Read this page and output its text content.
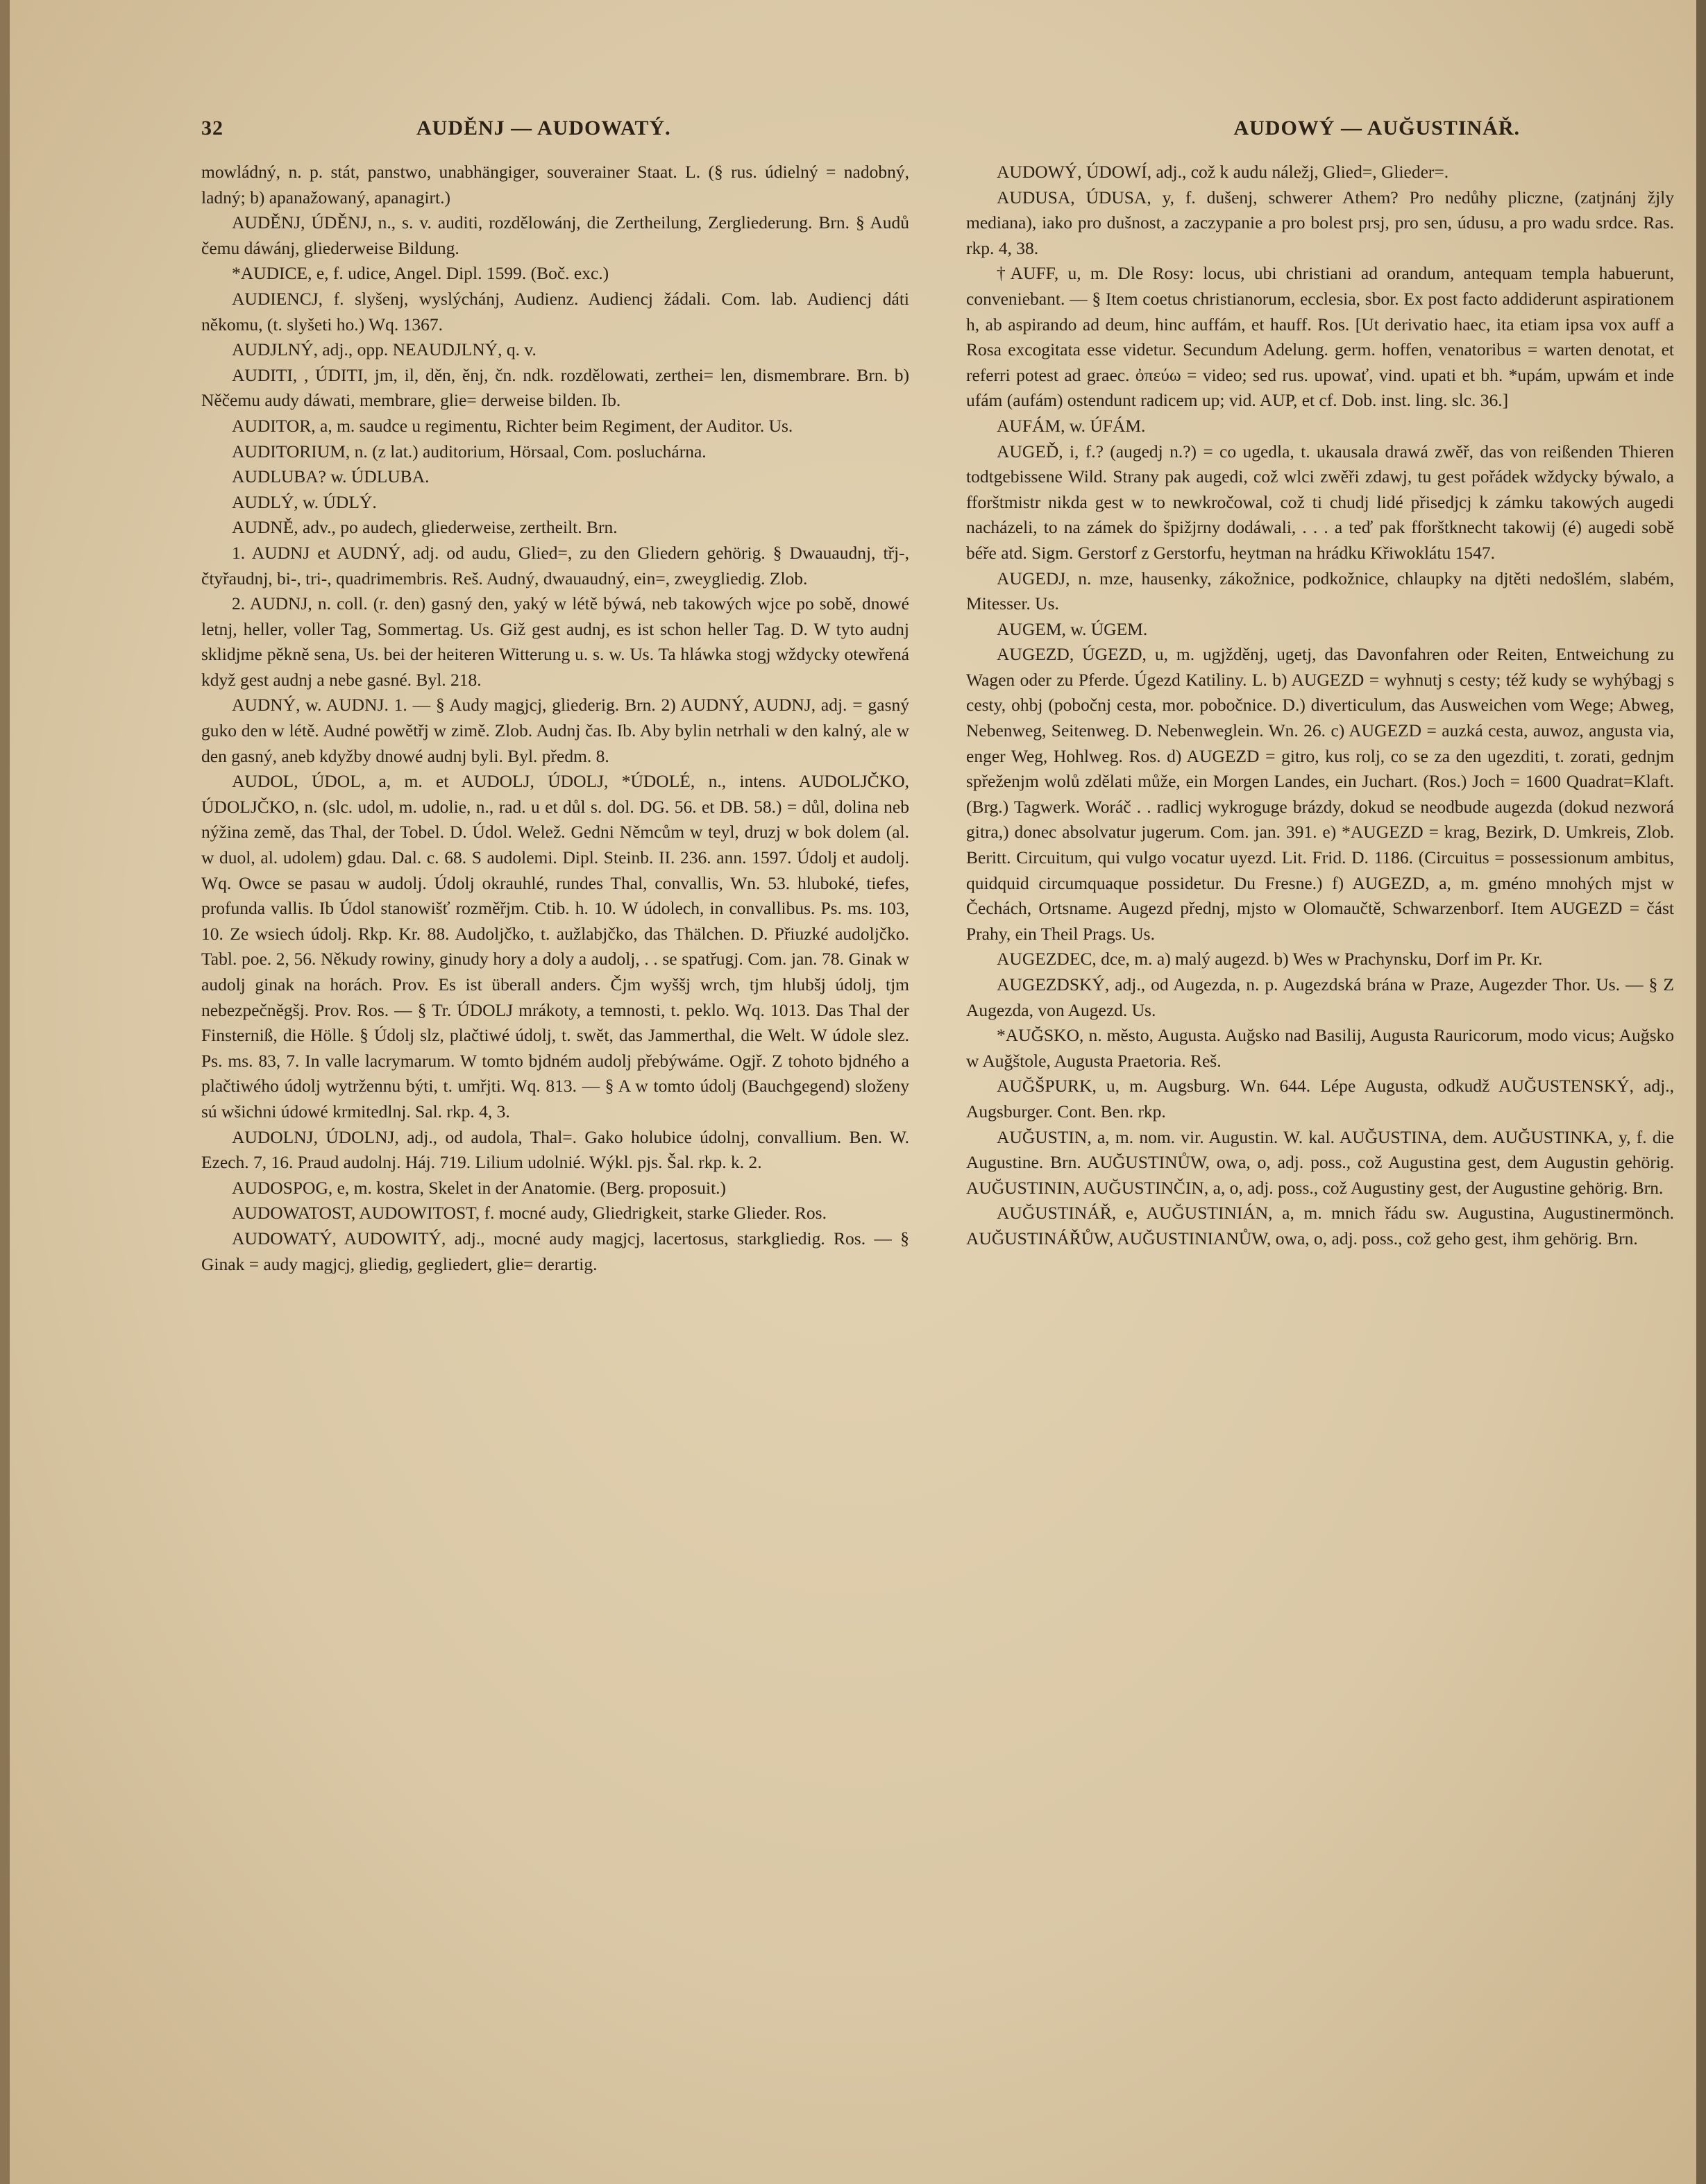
32	AUDĚNJ — AUDOWATÝ.	AUDOWÝ — AUĞUSTINÁŘ.

mowládný, n. p. stát, panstwo, unabhängiger, souverainer Staat. L. (§ rus. údielný = nadobný, ladný; b) apanažowaný, apanagirt.)

AUDĚNJ, ÚDĚNJ, n., s. v. auditi, rozdělowánj, die Zertheilung, Zergliederung. Brn. § Audů čemu dáwánj, gliederweise Bildung.

*AUDICE, e, f. udice, Angel. Dipl. 1599. (Boč. exc.)

AUDIENCJ, f. slyšenj, wyslýchánj, Audienz. Audiencj žádali. Com. lab. Audiencj dáti někomu, (t. slyšeti ho.) Wq. 1367.

AUDJLNÝ, adj., opp. NEAUDJLNÝ, q. v.

AUDITI, , ÚDITI, jm, il, děn, ěnj, čn. ndk. rozdělowati, zerthei= len, dismembrare. Brn. b) Něčemu audy dáwati, membrare, glie= derweise bilden. Ib.

AUDITOR, a, m. saudce u regimentu, Richter beim Regiment, der Auditor. Us.

AUDITORIUM, n. (z lat.) auditorium, Hörsaal, Com. posluchárna.

AUDLUBA? w. ÚDLUBA.

AUDLÝ, w. ÚDLÝ.

AUDNĚ, adv., po audech, gliederweise, zertheilt. Brn.

1. AUDNJ et AUDNÝ, adj. od audu, Glied=, zu den Gliedern gehörig. § Dwauaudnj, třj-, čtyřaudnj, bi-, tri-, quadrimembris. Reš. Audný, dwauaudný, ein=, zweygliedig. Zlob.

2. AUDNJ, n. coll. (r. den) gasný den, yaký w létě býwá, neb takowých wjce po sobě, dnowé letnj, heller, voller Tag, Sommertag. Us. Giž gest audnj, es ist schon heller Tag. D. W tyto audnj sklidjme pěkně sena, Us. bei der heiteren Witterung u. s. w. Us. Ta hláwka stogj wždycky otewřená když gest audnj a nebe gasné. Byl. 218.

AUDNÝ, w. AUDNJ. 1. — § Audy magjcj, gliederig. Brn. 2) AUDNÝ, AUDNJ, adj. = gasný guko den w létě. Audné powětřj w zimě. Zlob. Audnj čas. Ib. Aby bylin netrhali w den kalný, ale w den gasný, aneb kdyžby dnowé audnj byli. Byl. předm. 8.

AUDOL, ÚDOL, a, m. et AUDOLJ, ÚDOLJ, *ÚDOLÉ, n., intens. AUDOLJČKO, ÚDOLJČKO, n. (slc. udol, m. udolie, n., rad. u et důl s. dol. DG. 56. et DB. 58.) = důl, dolina neb nýžina země, das Thal, der Tobel. D. Údol. Welež. Gedni Němcům w teyl, druzj w bok dolem (al. w duol, al. udolem) gdau. Dal. c. 68. S audolemi. Dipl. Steinb. II. 236. ann. 1597. Údolj et audolj. Wq. Owce se pasau w audolj. Údolj okrauhlé, rundes Thal, convallis, Wn. 53. hluboké, tiefes, profunda vallis. Ib Údol stanowišť rozměřjm. Ctib. h. 10. W údolech, in convallibus. Ps. ms. 103, 10. Ze wsiech údolj. Rkp. Kr. 88. Audoljčko, t. aužlabjčko, das Thälchen. D. Přiuzké audoljčko. Tabl. poe. 2, 56. Někudy rowiny, ginudy hory a doly a audolj, . . se spatřugj. Com. jan. 78. Ginak w audolj ginak na horách. Prov. Es ist überall anders. Čjm wyššj wrch, tjm hlubšj údolj, tjm nebezpečněgšj. Prov. Ros. — § Tr. ÚDOLJ mrákoty, a temnosti, t. peklo. Wq. 1013. Das Thal der Finsterniß, die Hölle. § Údolj slz, plačtiwé údolj, t. swět, das Jammerthal, die Welt. W údole slez. Ps. ms. 83, 7. In valle lacrymarum. W tomto bjdném audolj přebýwáme. Ogjř. Z tohoto bjdného a plačtiwého údolj wytržennu býti, t. umřjti. Wq. 813. — § A w tomto údolj (Bauchgegend) složeny sú wšichni údowé krmitedlnj. Sal. rkp. 4, 3.

AUDOLNJ, ÚDOLNJ, adj., od audola, Thal=. Gako holubice údolnj, convallium. Ben. W. Ezech. 7, 16. Praud audolnj. Háj. 719. Lilium udolnié. Wýkl. pjs. Šal. rkp. k. 2.

AUDOSPOG, e, m. kostra, Skelet in der Anatomie. (Berg. proposuit.)

AUDOWATOST, AUDOWITOST, f. mocné audy, Gliedrigkeit, starke Glieder. Ros.

AUDOWATÝ, AUDOWITÝ, adj., mocné audy magjcj, lacertosus, starkgliedig. Ros. — § Ginak = audy magjcj, gliedig, gegliedert, glie= derartig.

AUDOWÝ, ÚDOWÍ, adj., což k audu náležj, Glied=, Glieder=.

AUDUSA, ÚDUSA, y, f. dušenj, schwerer Athem? Pro nedůhy pliczne, (zatjnánj žjly mediana), iako pro dušnost, a zaczypanie a pro bolest prsj, pro sen, údusu, a pro wadu srdce. Ras. rkp. 4, 38.

†AUFF, u, m. Dle Rosy: locus, ubi christiani ad orandum, antequam templa habuerunt, conveniebant. — § Item coetus christianorum, ecclesia, sbor. Ex post facto addiderunt aspirationem h, ab aspirando ad deum, hinc auffám, et hauff. Ros. [Ut derivatio haec, ita etiam ipsa vox auff a Rosa excogitata esse videtur. Secundum Adelung. germ. hoffen, venatoribus = warten denotat, et referri potest ad graec. ὀπεύω = video; sed rus. upowať, vind. upati et bh. *upám, upwám et inde ufám (aufám) ostendunt radicem up; vid. AUP, et cf. Dob. inst. ling. slc. 36.]

AUFÁM, w. ÚFÁM.

AUGEĎ, i, f.? (augedj n.?) = co ugedla, t. ukausala drawá zwěř, das von reißenden Thieren todtgebissene Wild. Strany pak augedi, což wlci zwěři zdawj, tu gest pořádek wždycky býwalo, a fforštmistr nikda gest w to newkročowal, což ti chudj lidé přisedjcj k zámku takowých augedi nacházeli, to na zámek do špižjrny dodáwali, . . . a teď pak fforštknecht takowij (é) augedi sobě béře atd. Sigm. Gerstorf z Gerstorfu, heytman na hrádku Křiwoklátu 1547.

AUGEDJ, n. mze, hausenky, zákožnice, podkožnice, chlaupky na djtěti nedošlém, slabém, Mitesser. Us.

AUGEM, w. ÚGEM.

AUGEZD, ÚGEZD, u, m. ugjžděnj, ugetj, das Davonfahren oder Reiten, Entweichung zu Wagen oder zu Pferde. Úgezd Katiliny. L. b) AUGEZD = wyhnutj s cesty; též kudy se wyhýbagj s cesty, ohbj (pobočnj cesta, mor. pobočnice. D.) diverticulum, das Ausweichen vom Wege; Abweg, Nebenweg, Seitenweg. D. Nebenweglein. Wn. 26. c) AUGEZD = auzká cesta, auwoz, angusta via, enger Weg, Hohlweg. Ros. d) AUGEZD = gitro, kus rolj, co se za den ugezditi, t. zorati, gednjm spřeženjm wolů zdělati může, ein Morgen Landes, ein Juchart. (Ros.) Joch = 1600 Quadrat=Klaft. (Brg.) Tagwerk. Woráč . . radlicj wykroguge brázdy, dokud se neodbude augezda (dokud nezworá gitra,) donec absolvatur jugerum. Com. jan. 391. e) *AUGEZD = krag, Bezirk, D. Umkreis, Zlob. Beritt. Circuitum, qui vulgo vocatur uyezd. Lit. Frid. D. 1186. (Circuitus = possessionum ambitus, quidquid circumquaque possidetur. Du Fresne.) f) AUGEZD, a, m. gméno mnohých mjst w Čechách, Ortsname. Augezd přednj, mjsto w Olomaučtě, Schwarzenborf. Item AUGEZD = část Prahy, ein Theil Prags. Us.

AUGEZDEC, dce, m. a) malý augezd. b) Wes w Prachynsku, Dorf im Pr. Kr.

AUGEZDSKÝ, adj., od Augezda, n. p. Augezdská brána w Praze, Augezder Thor. Us. — § Z Augezda, von Augezd. Us.

*AUĞSKO, n. město, Augusta. Auğsko nad Basilij, Augusta Rauricorum, modo vicus; Auğsko w Auğštole, Augusta Praetoria. Reš.

AUĞŠPURK, u, m. Augsburg. Wn. 644. Lépe Augusta, odkudž AUĞUSTENSKÝ, adj., Augsburger. Cont. Ben. rkp.

AUĞUSTIN, a, m. nom. vir. Augustin. W. kal. AUĞUSTINA, dem. AUĞUSTINKA, y, f. die Augustine. Brn. AUĞUSTINŮW, owa, o, adj. poss., což Augustina gest, dem Augustin gehörig. AUĞUSTININ, AUĞUSTINČIN, a, o, adj. poss., což Augustiny gest, der Augustine gehörig. Brn.

AUĞUSTINÁŘ, e, AUĞUSTINIÁN, a, m. mnich řádu sw. Augustina, Augustinermönch. AUĞUSTINÁŘŮW, AUĞUSTINIANŮW, owa, o, adj. poss., což geho gest, ihm gehörig. Brn.
